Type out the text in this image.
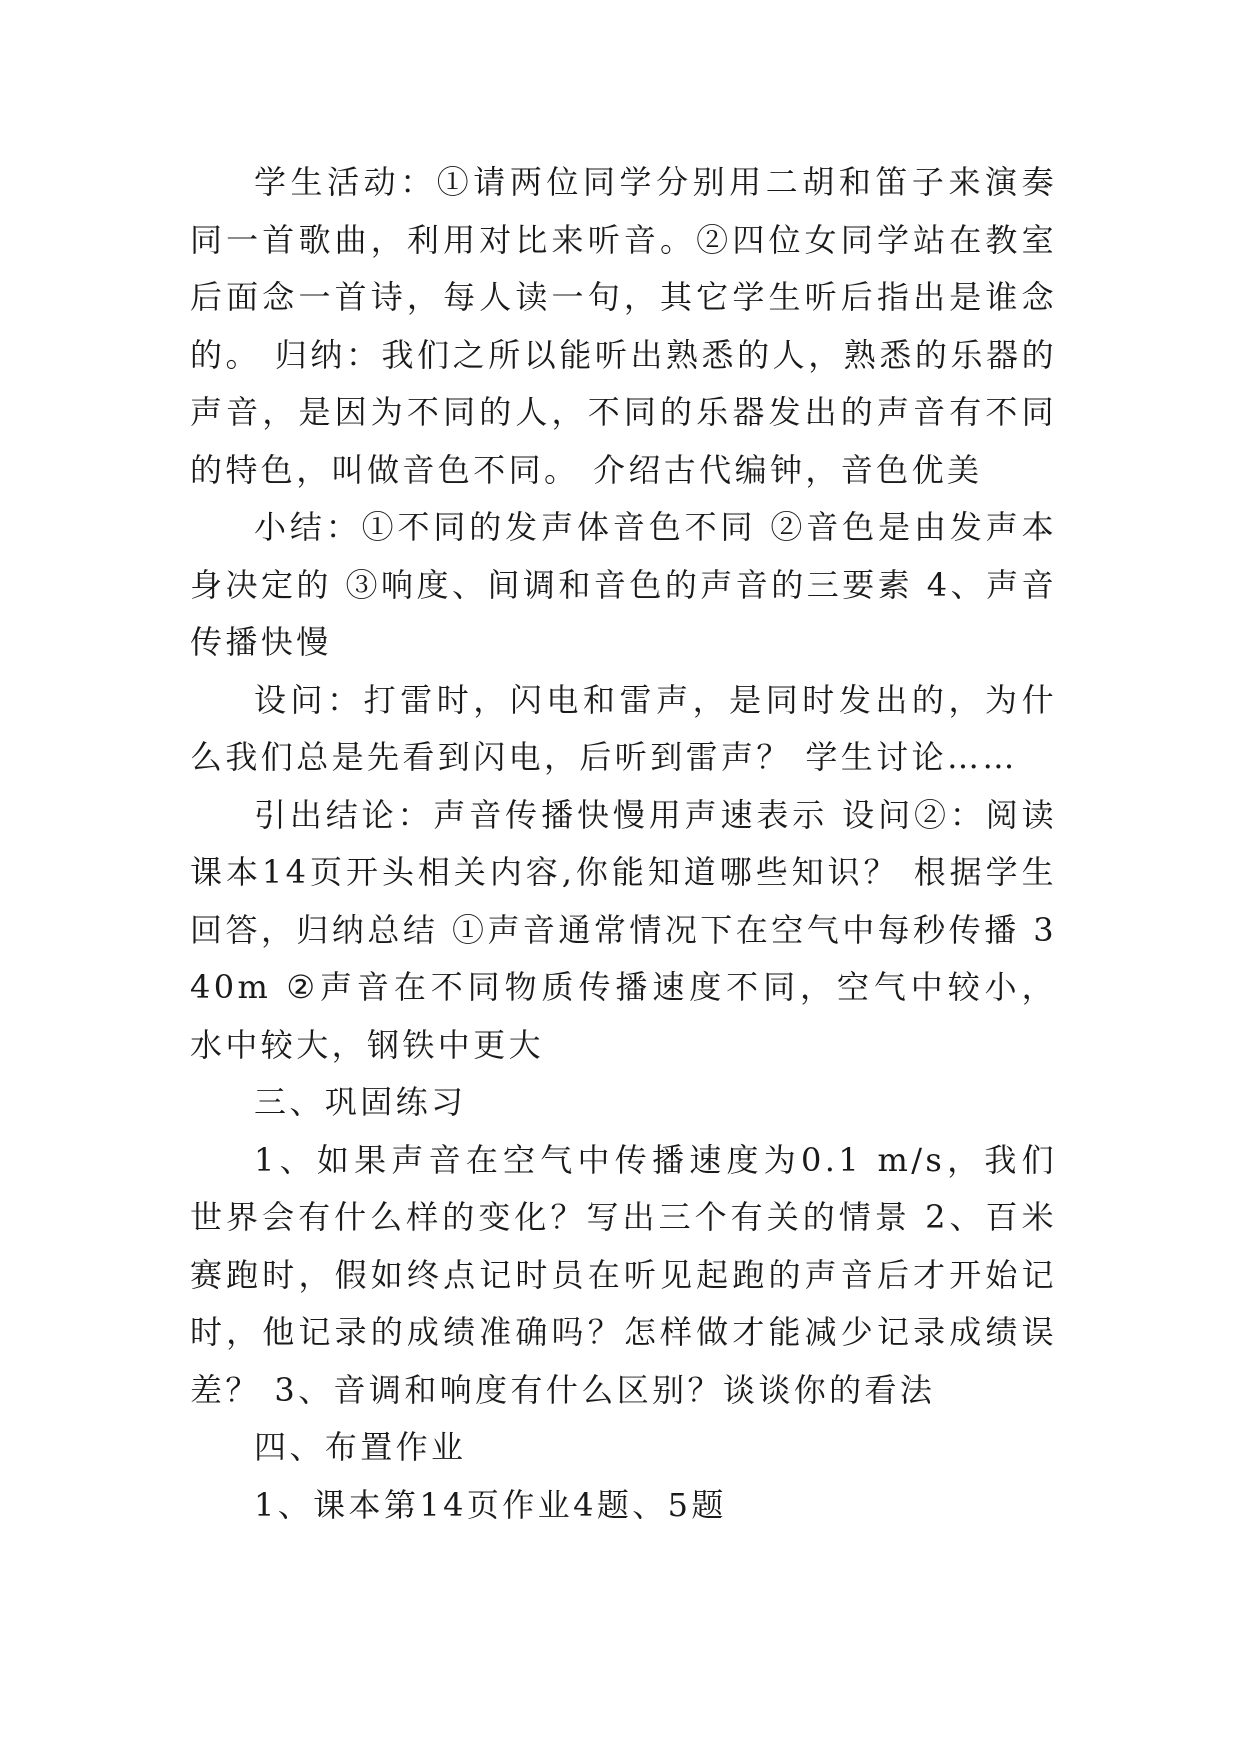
学生活动：①请两位同学分别用二胡和笛子来演奏同一首歌曲，利用对比来听音。②四位女同学站在教室后面念一首诗，每人读一句，其它学生听后指出是谁念的。 归纳：我们之所以能听出熟悉的人，熟悉的乐器的声音，是因为不同的人，不同的乐器发出的声音有不同的特色，叫做音色不同。 介绍古代编钟，音色优美

小结：①不同的发声体音色不同 ②音色是由发声本身决定的 ③响度、间调和音色的声音的三要素 4、声音传播快慢

设问：打雷时，闪电和雷声，是同时发出的，为什么我们总是先看到闪电，后听到雷声？ 学生讨论……

引出结论：声音传播快慢用声速表示 设问②：阅读课本14页开头相关内容,你能知道哪些知识？ 根据学生回答，归纳总结 ①声音通常情况下在空气中每秒传播 340m ②声音在不同物质传播速度不同，空气中较小，水中较大，钢铁中更大

三、巩固练习

1、如果声音在空气中传播速度为0.1 m/s，我们世界会有什么样的变化？写出三个有关的情景 2、百米赛跑时，假如终点记时员在听见起跑的声音后才开始记时，他记录的成绩准确吗？怎样做才能减少记录成绩误差？ 3、音调和响度有什么区别？谈谈你的看法

四、布置作业

1、课本第14页作业4题、5题
